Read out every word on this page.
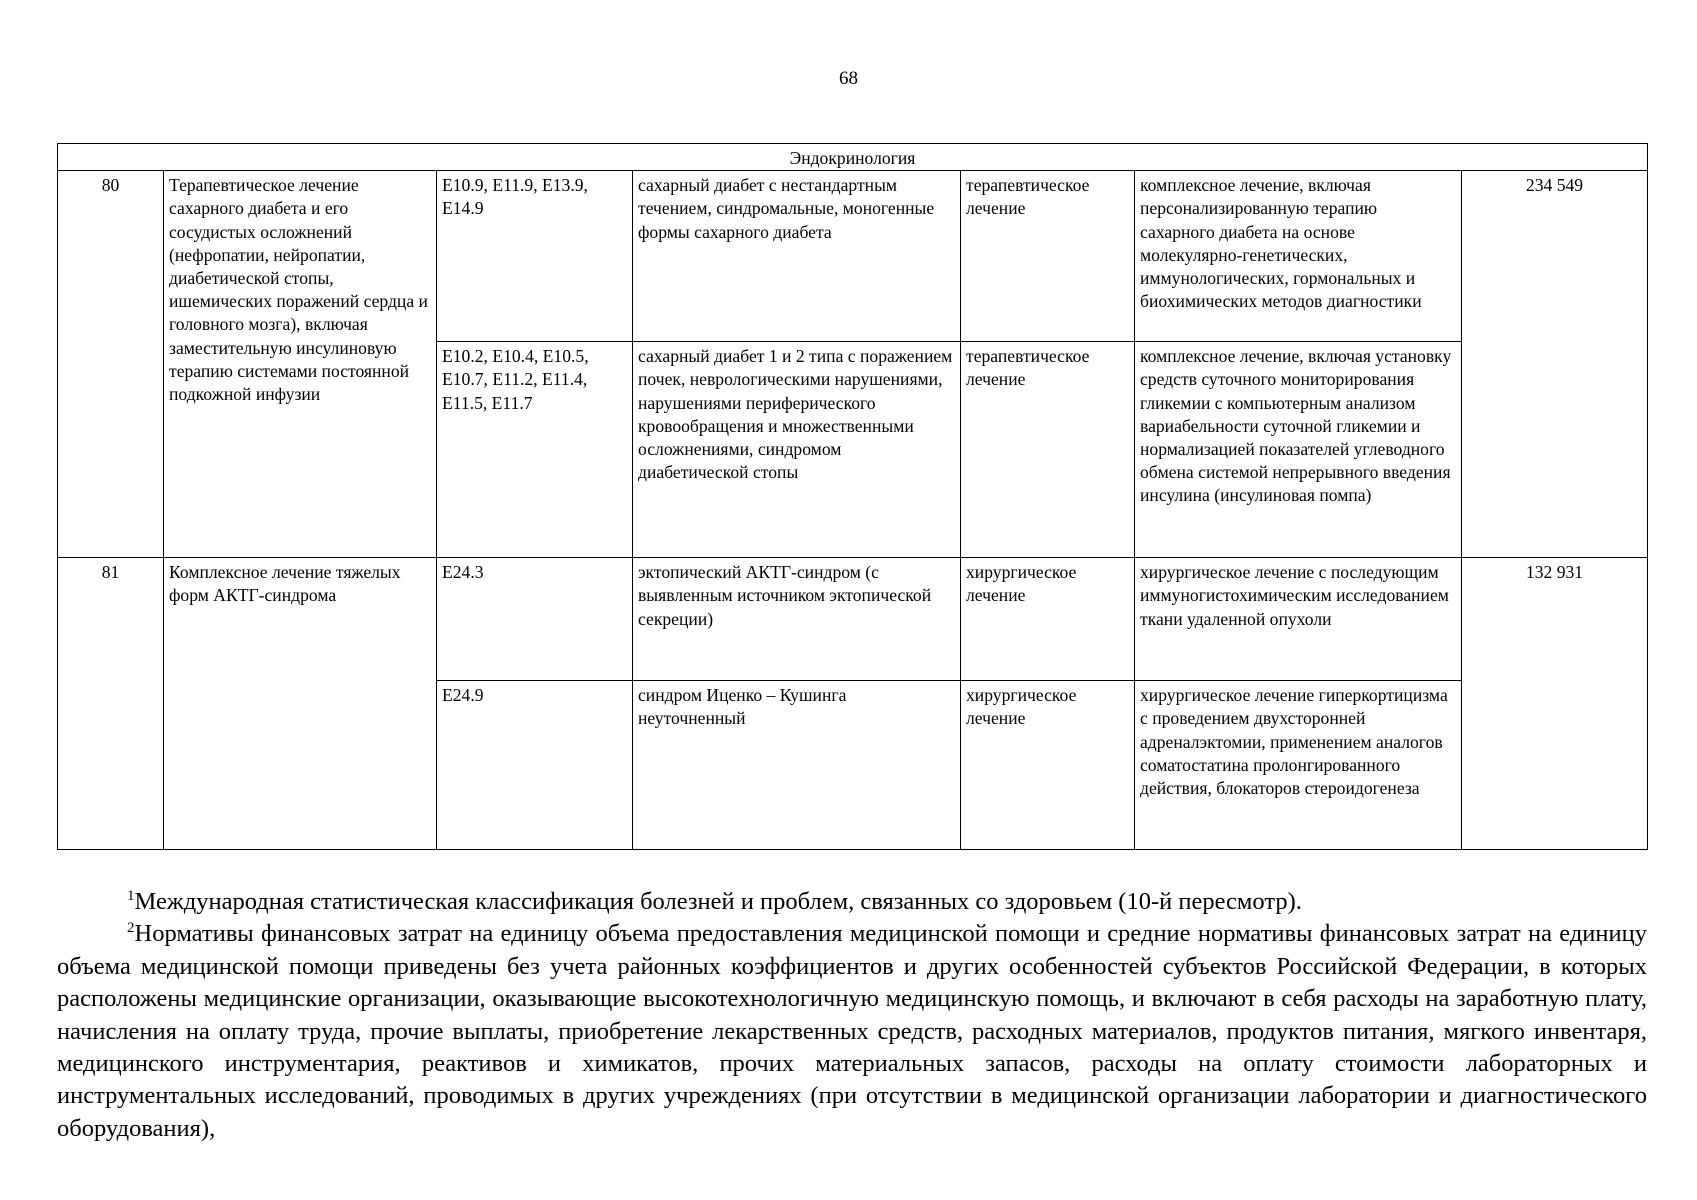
68
Эндокринология						
80	Терапевтическое лечение сахарного диабета и его сосудистых осложнений (нефропатии, нейропатии, диабетической стопы, ишемических поражений сердца и головного мозга), включая заместительную инсулиновую терапию системами постоянной подкожной инфузии	E10.9, E11.9, E13.9, E14.9	сахарный диабет с нестандартным течением, синдромальные, моногенные формы сахарного диабета	терапевтическое лечение	комплексное лечение, включая персонализированную терапию сахарного диабета на основе молекулярно-генетических, иммунологических, гормональных и биохимических методов диагностики	234 549
		E10.2, E10.4, E10.5, E10.7, E11.2, E11.4, E11.5, E11.7	сахарный диабет 1 и 2 типа с поражением почек, неврологическими нарушениями, нарушениями периферического кровообращения и множественными осложнениями, синдромом диабетической стопы	терапевтическое лечение	комплексное лечение, включая установку средств суточного мониторирования гликемии с компьютерным анализом вариабельности суточной гликемии и нормализацией показателей углеводного обмена системой непрерывного введения инсулина (инсулиновая помпа)	
81	Комплексное лечение тяжелых форм АКТГ-синдрома	E24.3	эктопический АКТГ-синдром (с выявленным источником эктопической секреции)	хирургическое лечение	хирургическое лечение с последующим иммуногистохимическим исследованием ткани удаленной опухоли	132 931
		E24.9	синдром Иценко – Кушинга неуточненный	хирургическое лечение	хирургическое лечение гиперкортицизма с проведением двухсторонней адреналэктомии, применением аналогов соматостатина пролонгированного действия, блокаторов стероидогенеза	

$^1$Международная статистическая классификация болезней и проблем, связанных со здоровьем (10-й пересмотр).

$^2$Нормативы финансовых затрат на единицу объема предоставления медицинской помощи и средние нормативы финансовых затрат на единицу объема медицинской помощи приведены без учета районных коэффициентов и других особенностей субъектов Российской Федерации, в которых расположены медицинские организации, оказывающие высокотехнологичную медицинскую помощь, и включают в себя расходы на заработную плату, начисления на оплату труда, прочие выплаты, приобретение лекарственных средств, расходных материалов, продуктов питания, мягкого инвентаря, медицинского инструментария, реактивов и химикатов, прочих материальных запасов, расходы на оплату стоимости лабораторных и инструментальных исследований, проводимых в других учреждениях (при отсутствии в медицинской организации лаборатории и диагностического оборудования),
